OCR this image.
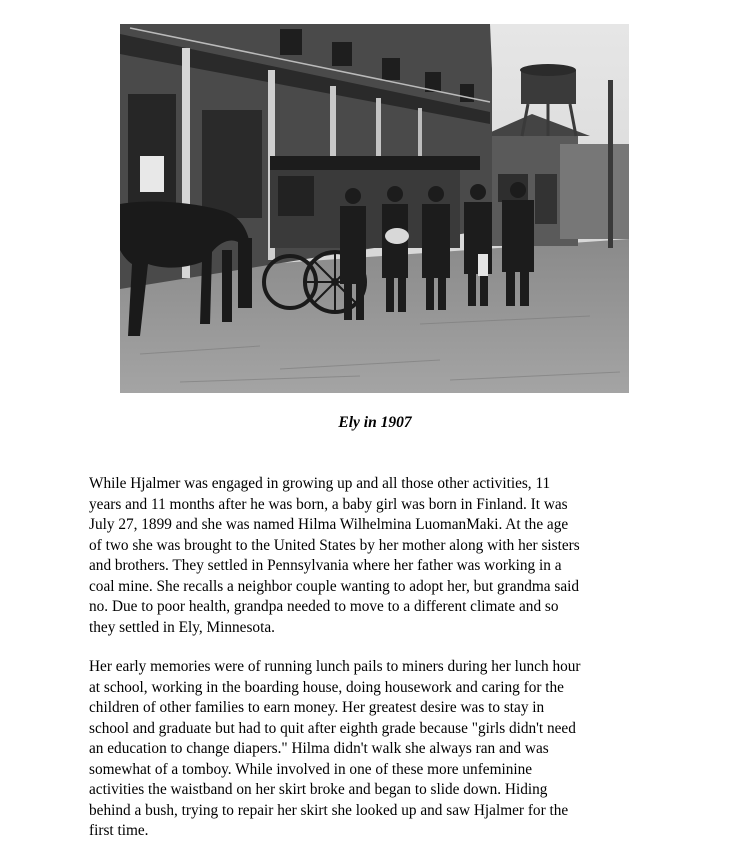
Ely in 1907
While Hjalmer was engaged in growing up and all those other activities, 11
years and 11 months after he was born, a baby girl was born in Finland. It was
July 27, 1899 and she was named Hilma Wilhelmina LuomanMaki. At the age
of two she was brought to the United States by her mother along with her sisters
and brothers. They settled in Pennsylvania where her father was working in a
coal mine. She recalls a neighbor couple wanting to adopt her, but grandma said
no. Due to poor health, grandpa needed to move to a different climate and so
they settled in Ely, Minnesota.
Her early memories were of running lunch pails to miners during her lunch hour
at school, working in the boarding house, doing housework and caring for the
children of other families to earn money. Her greatest desire was to stay in
school and graduate but had to quit after eighth grade because "girls didn't need
an education to change diapers." Hilma didn't walk she always ran and was
somewhat of a tomboy. While involved in one of these more unfeminine
activities the waistband on her skirt broke and began to slide down. Hiding
behind a bush, trying to repair her skirt she looked up and saw Hjalmer for the
first time.
